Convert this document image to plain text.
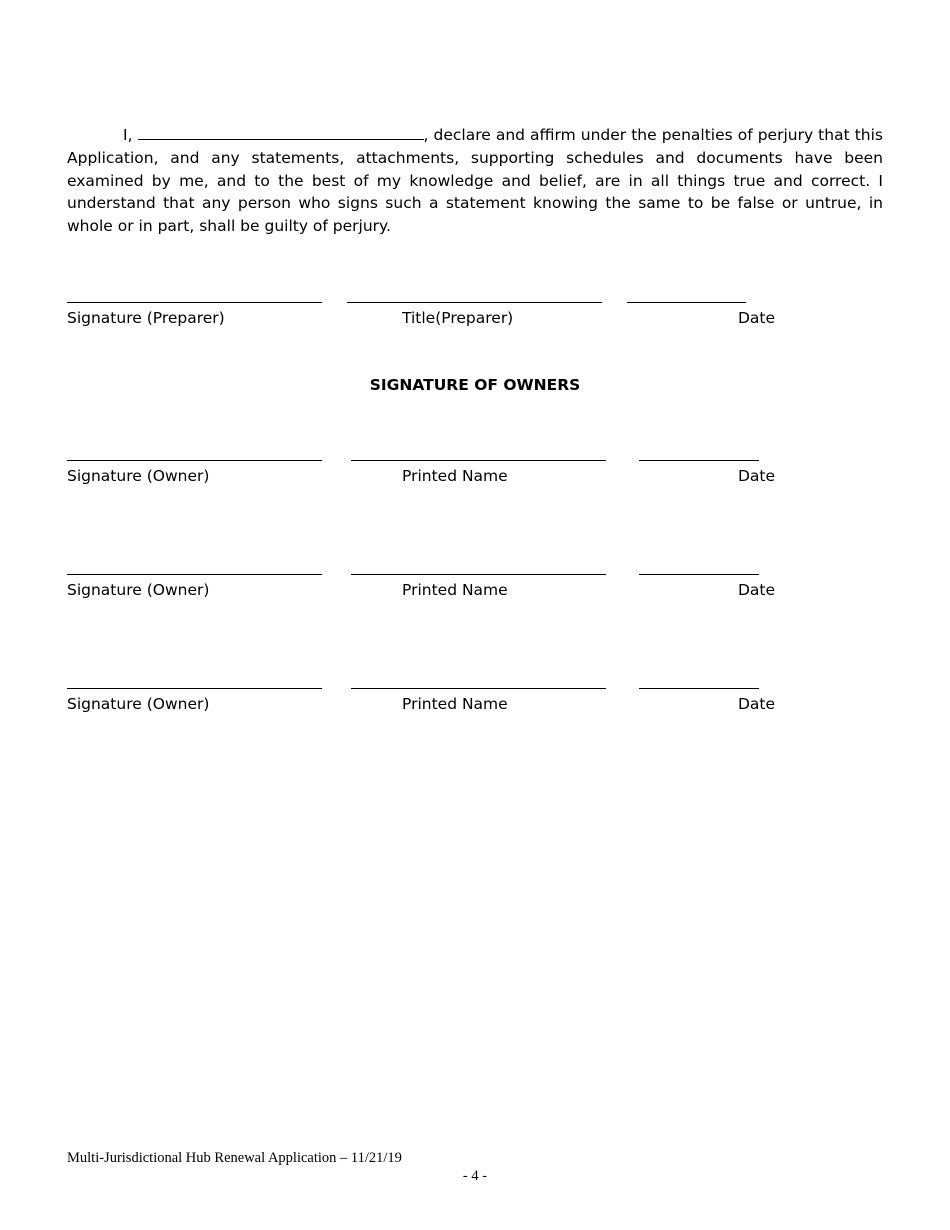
I,	, declare and affirm under the penalties of perjury that this Application, and any statements, attachments, supporting schedules and documents have been examined by me, and to the best of my knowledge and belief, are in all things true and correct. I understand that any person who signs such a statement knowing the same to be false or untrue, in whole or in part, shall be guilty of perjury.

Signature (Preparer)	Title(Preparer)	Date
SIGNATURE OF OWNERS
Signature (Owner)	Printed Name	Date
Signature (Owner)	Printed Name	Date
Signature (Owner)	Printed Name	Date
Multi-Jurisdictional Hub Renewal Application – 11/21/19
- 4 -
